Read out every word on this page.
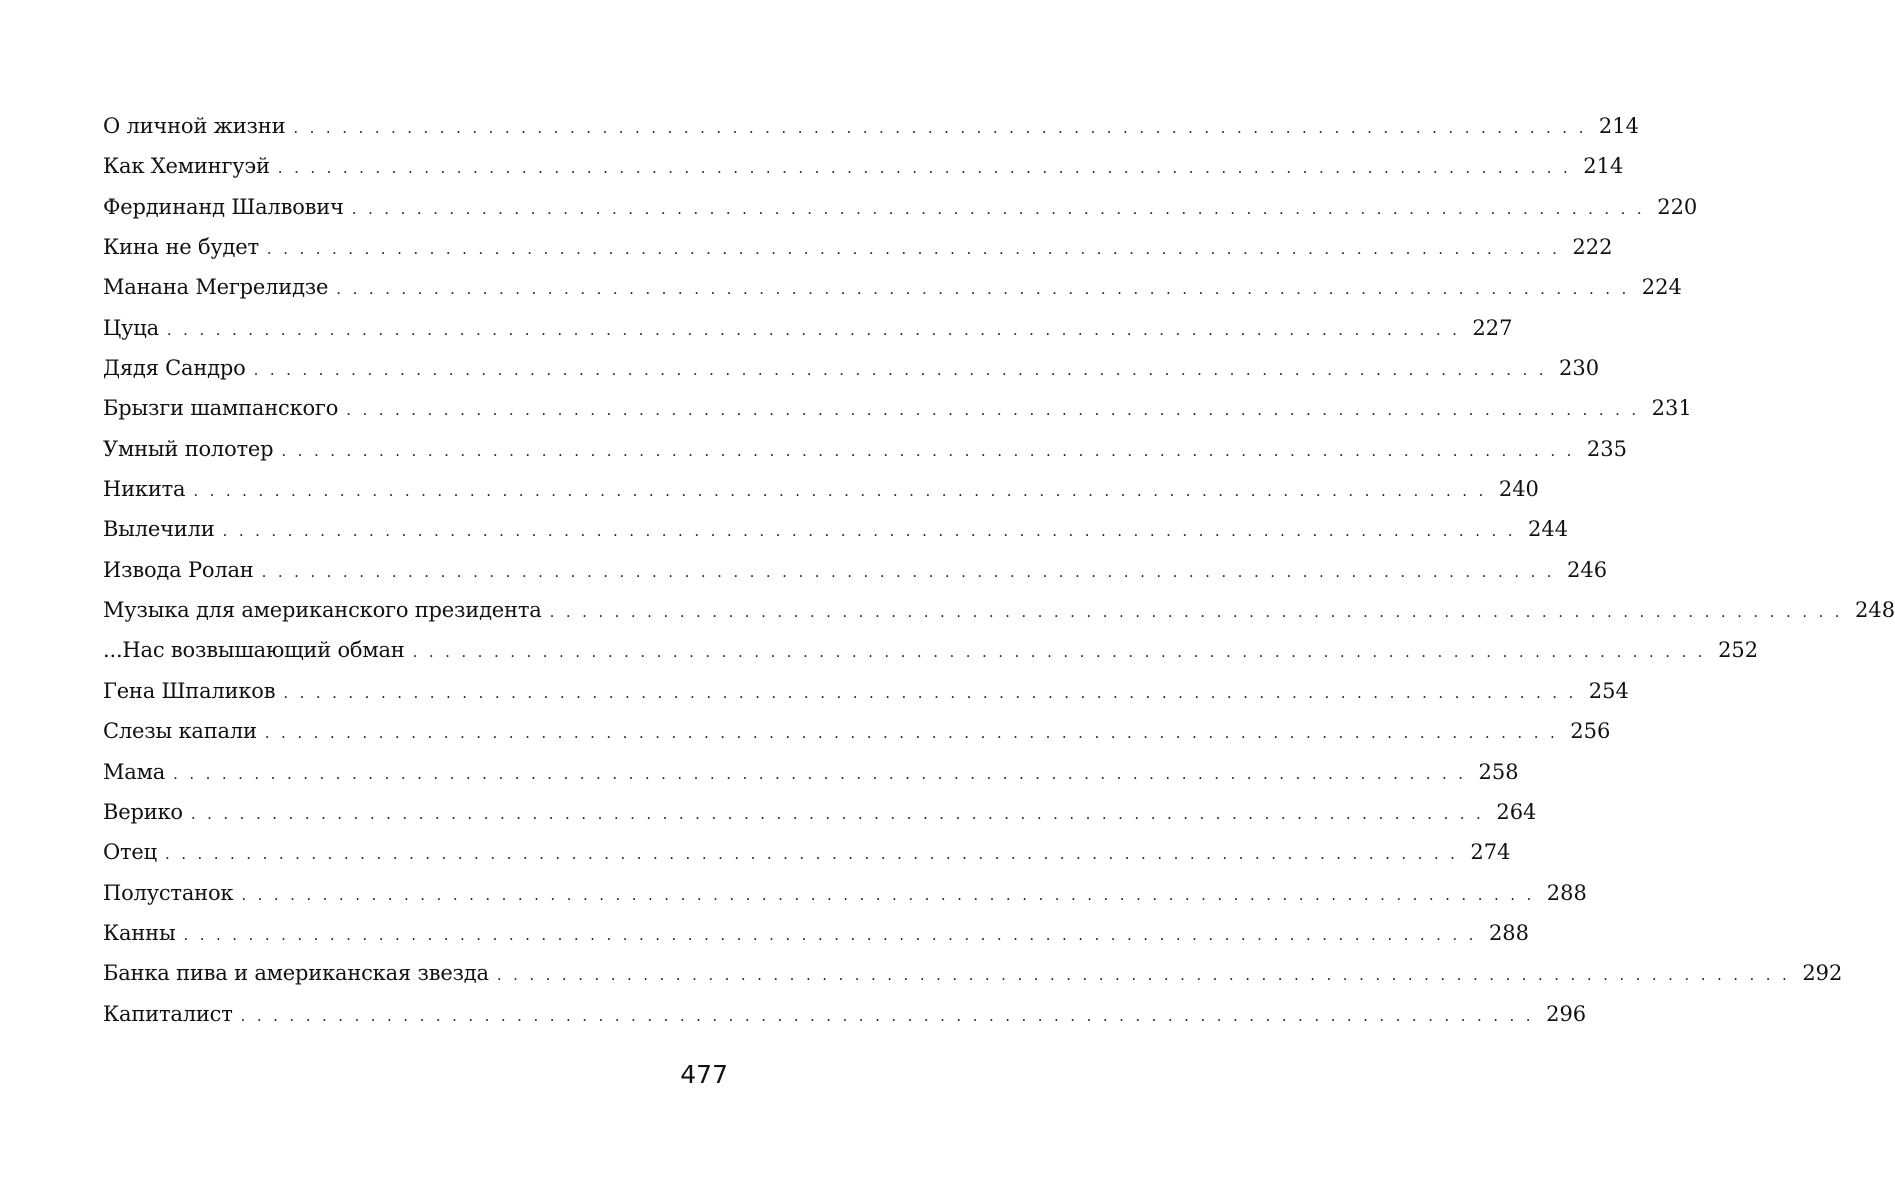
О личной жизни ................................................................................ 214
Как Хемингуэй ................................................................................ 214
Фердинанд Шалвович ................................................................................ 220
Кина не будет ................................................................................ 222
Манана Мегрелидзе ................................................................................ 224
Цуца ................................................................................ 227
Дядя Сандро ................................................................................ 230
Брызги шампанского ................................................................................ 231
Умный полотер ................................................................................ 235
Никита ................................................................................ 240
Вылечили ................................................................................ 244
Извода Ролан ................................................................................ 246
Музыка для американского президента ................................................................................ 248
...Нас возвышающий обман ................................................................................ 252
Гена Шпаликов ................................................................................ 254
Слезы капали ................................................................................ 256
Мама ................................................................................ 258
Верико ................................................................................ 264
Отец ................................................................................ 274
Полустанок ................................................................................ 288
Канны ................................................................................ 288
Банка пива и американская звезда ................................................................................ 292
Капиталист ................................................................................ 296
477
